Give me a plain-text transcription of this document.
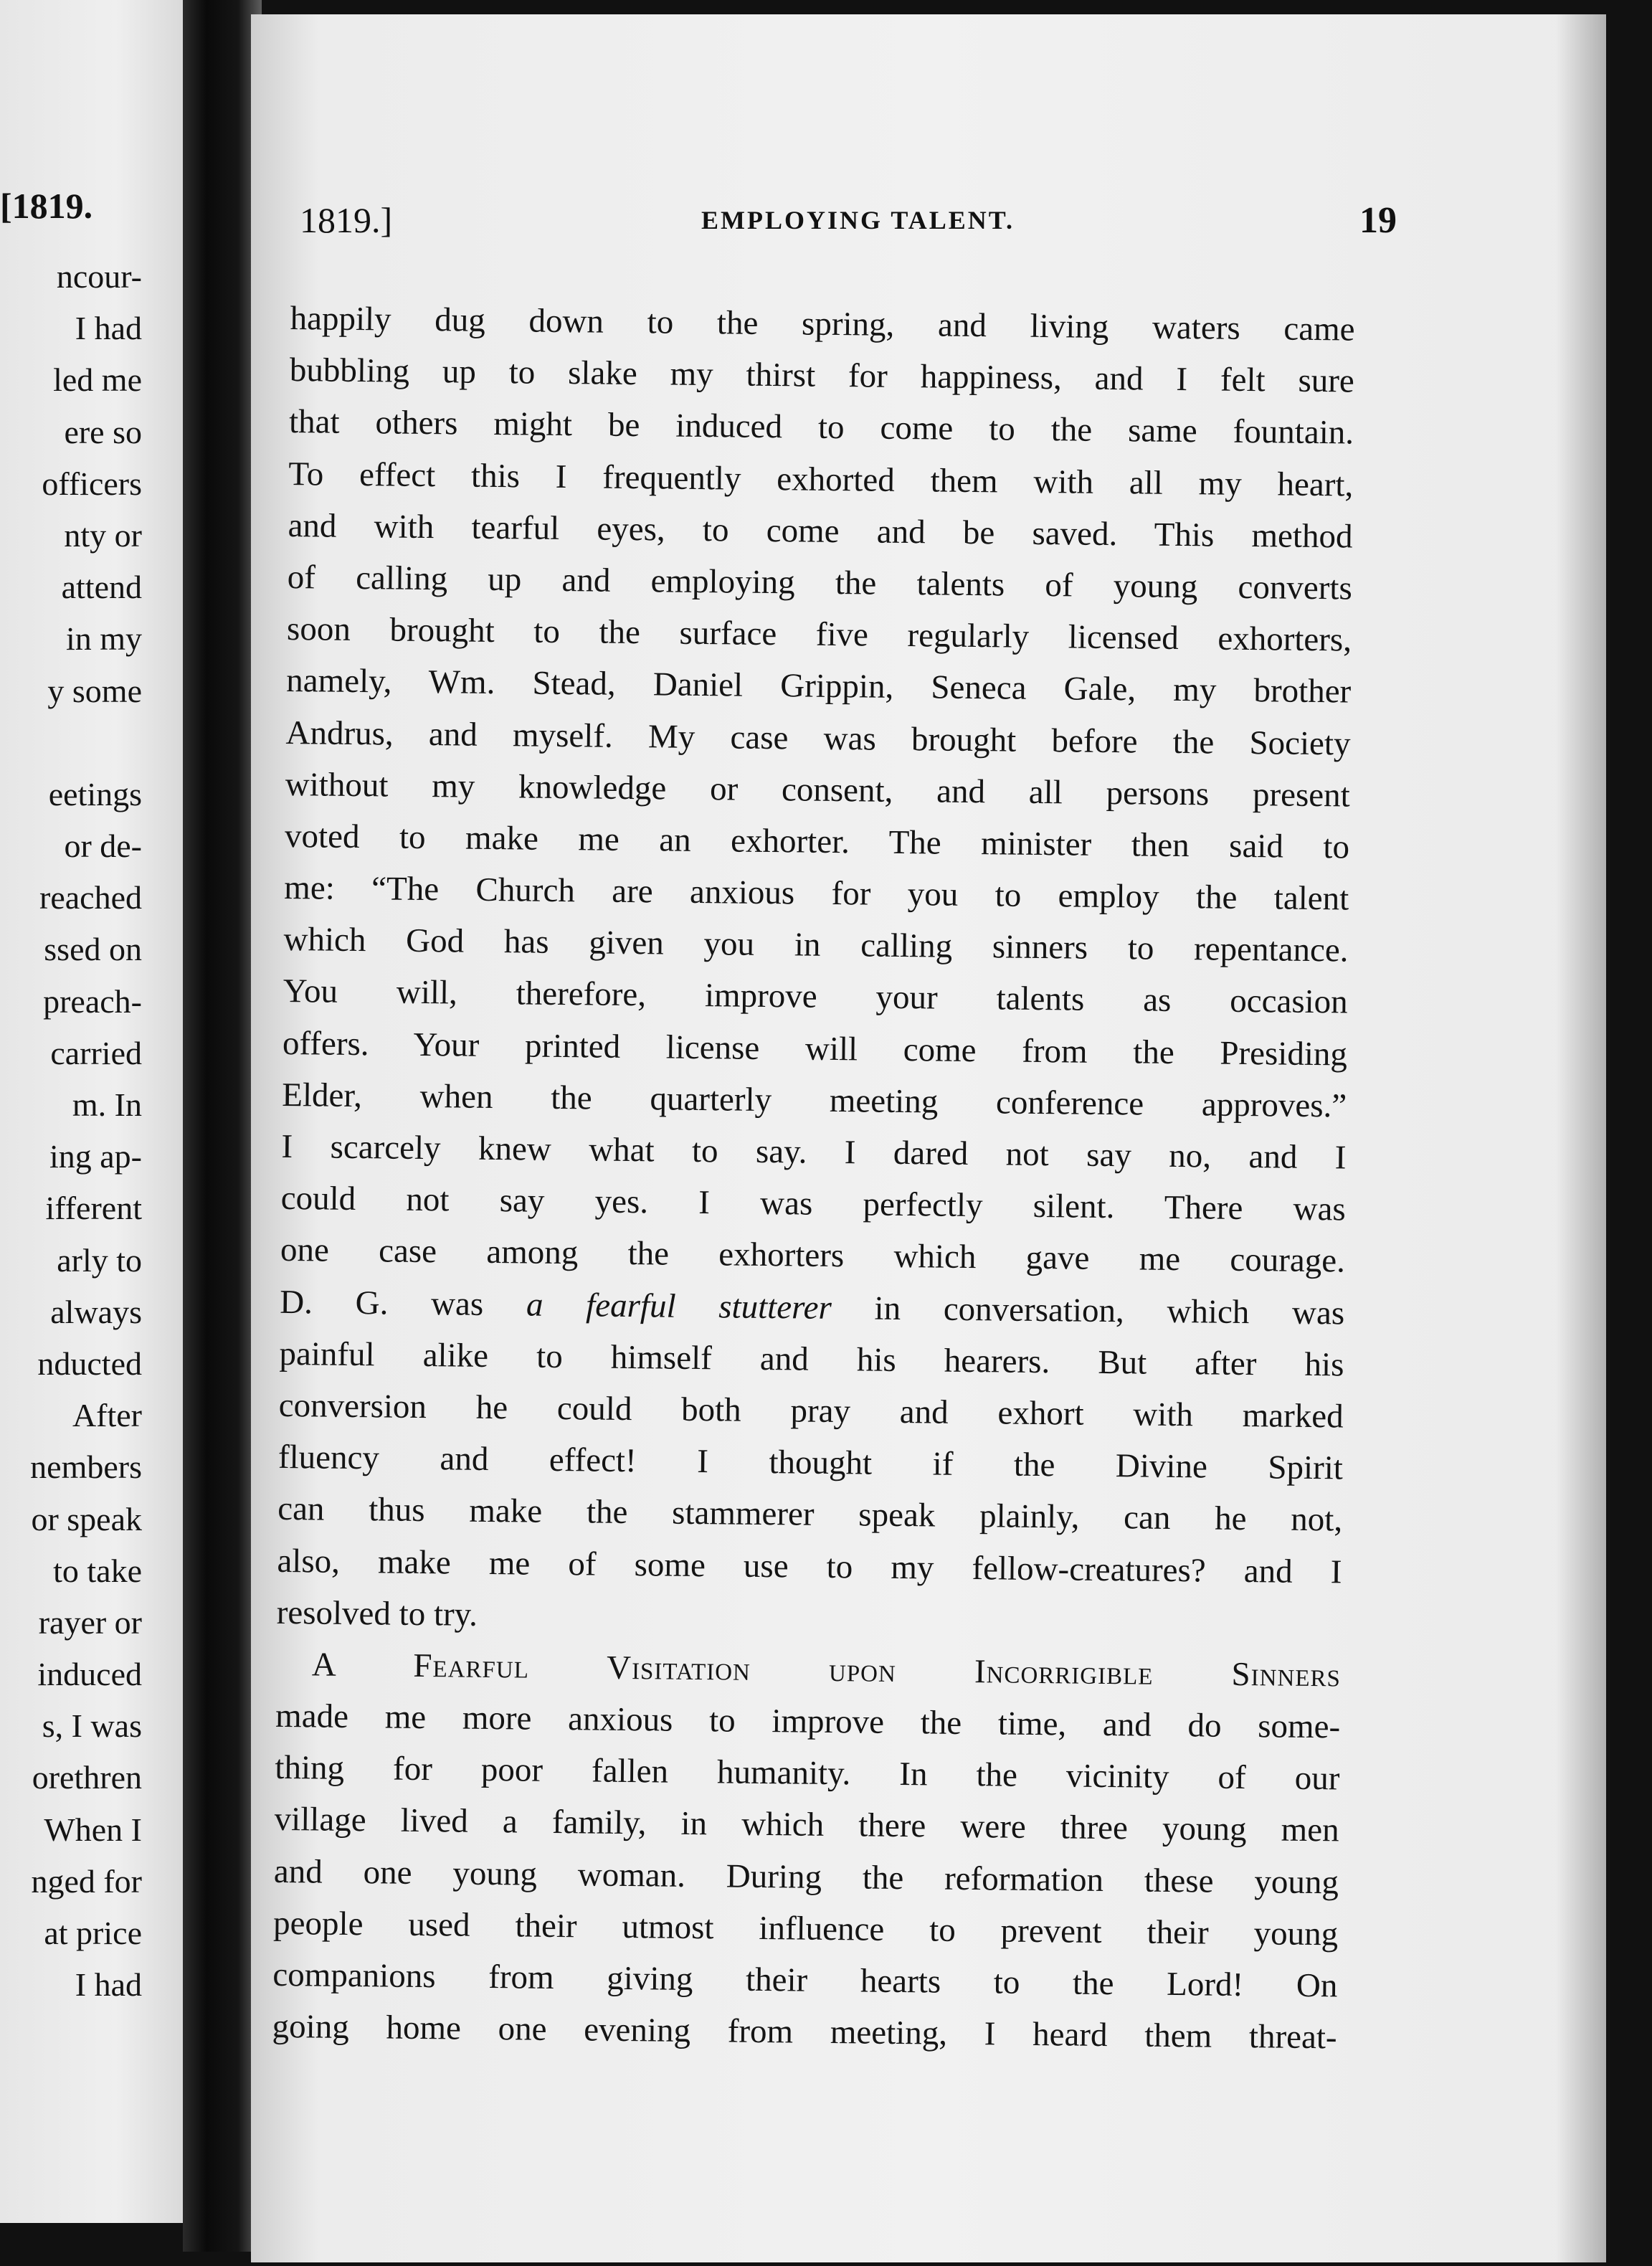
[1819.
ncour-
I had
led me
ere so
officers
nty or
attend
in my
y some
eetings
or de-
reached
ssed on
preach-
carried
m. In
ing ap-
ifferent
arly to
always
nducted
After
nembers
or speak
to take
rayer or
induced
s, I was
orethren
When I
nged for
at price
I had
1819.]	EMPLOYING TALENT.	19
happily dug down to the spring, and living waters came
bubbling up to slake my thirst for happiness, and I felt sure
that others might be induced to come to the same fountain.
To effect this I frequently exhorted them with all my heart,
and with tearful eyes, to come and be saved. This method
of calling up and employing the talents of young converts
soon brought to the surface five regularly licensed exhorters,
namely, Wm. Stead, Daniel Grippin, Seneca Gale, my brother
Andrus, and myself. My case was brought before the Society
without my knowledge or consent, and all persons present
voted to make me an exhorter. The minister then said to
me: “The Church are anxious for you to employ the talent
which God has given you in calling sinners to repentance.
You will, therefore, improve your talents as occasion
offers. Your printed license will come from the Presiding
Elder, when the quarterly meeting conference approves.”
I scarcely knew what to say. I dared not say no, and I
could not say yes. I was perfectly silent. There was
one case among the exhorters which gave me courage.
D. G. was a fearful stutterer in conversation, which was
painful alike to himself and his hearers. But after his
conversion he could both pray and exhort with marked
fluency and effect! I thought if the Divine Spirit
can thus make the stammerer speak plainly, can he not,
also, make me of some use to my fellow-creatures? and I
resolved to try.
A Fearful Visitation upon Incorrigible Sinners
made me more anxious to improve the time, and do some-
thing for poor fallen humanity. In the vicinity of our
village lived a family, in which there were three young men
and one young woman. During the reformation these young
people used their utmost influence to prevent their young
companions from giving their hearts to the Lord! On
going home one evening from meeting, I heard them threat-
